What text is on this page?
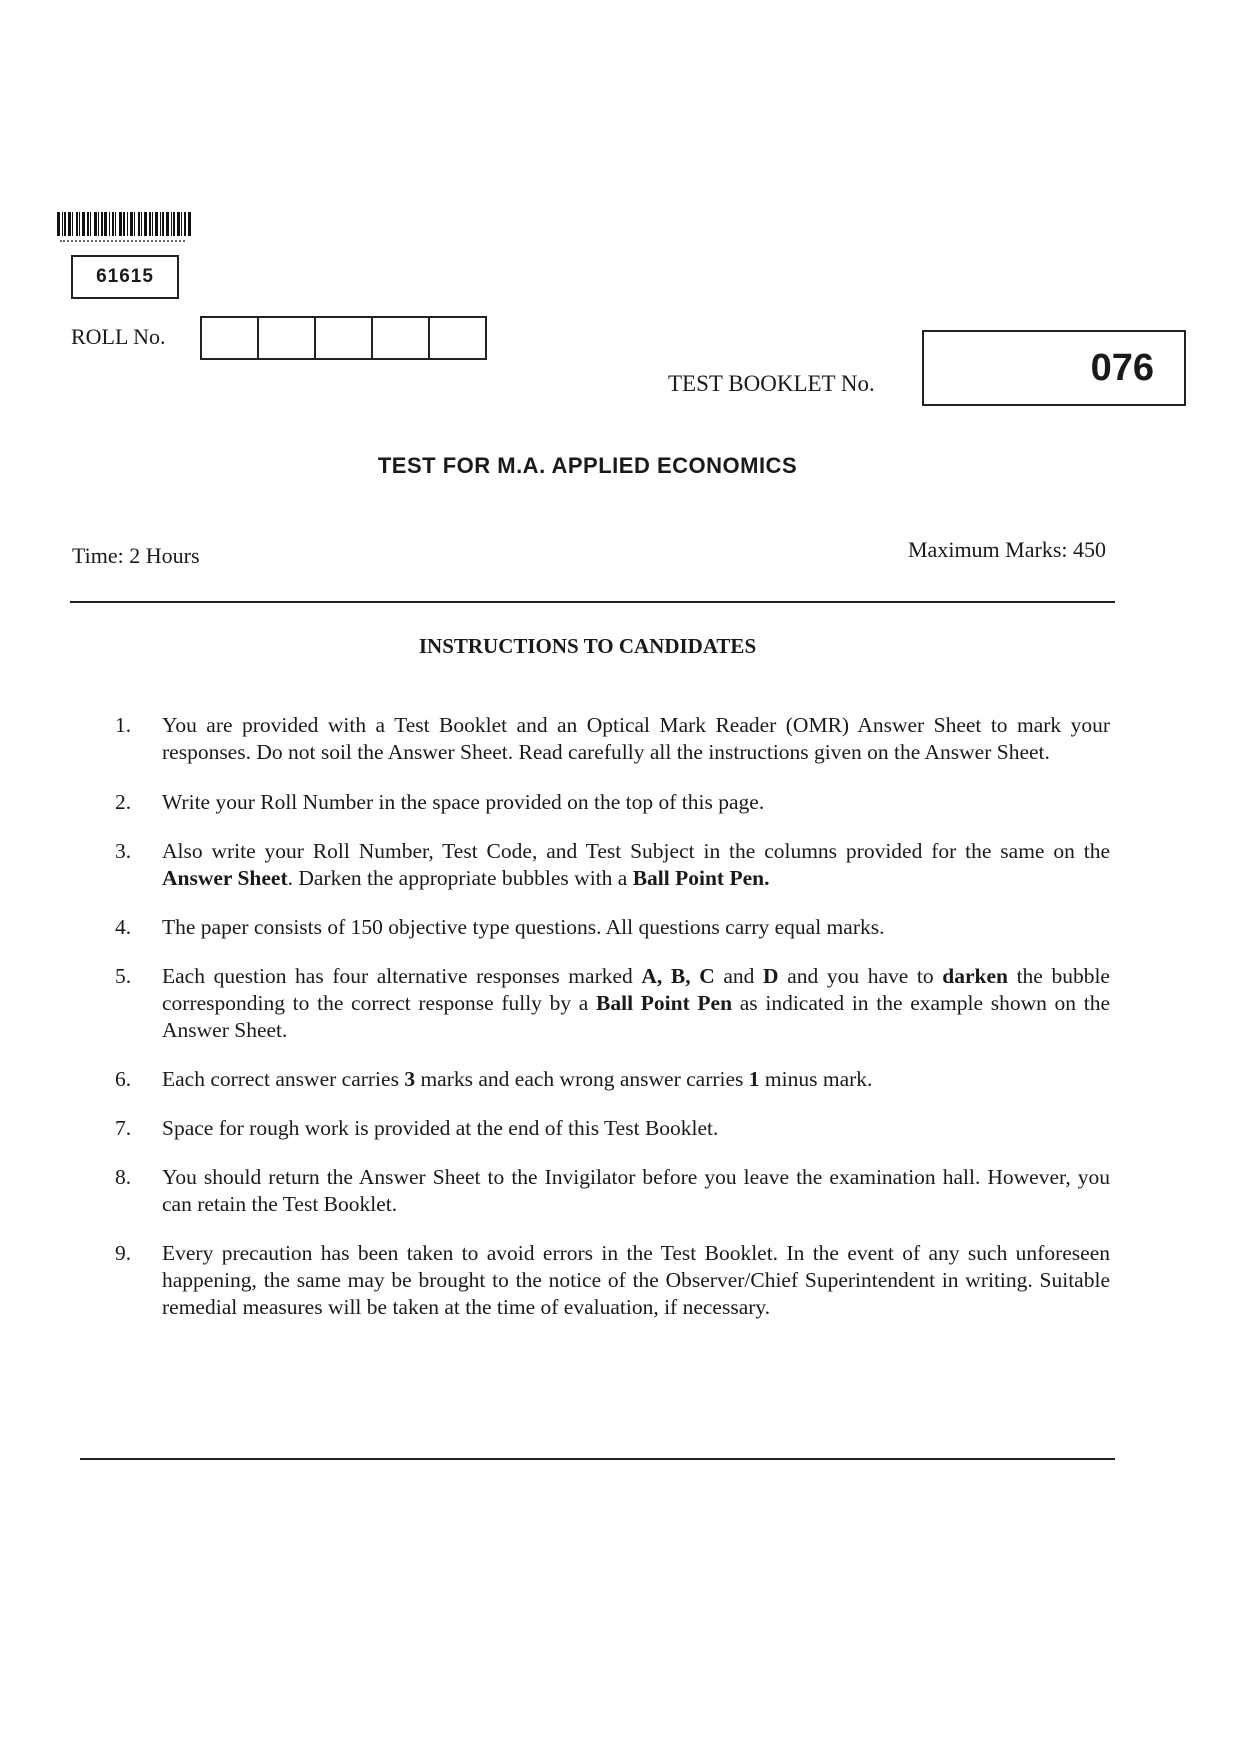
61615
ROLL No.
TEST BOOKLET No.	076
TEST FOR M.A. APPLIED ECONOMICS
Time: 2 Hours	Maximum Marks: 450
INSTRUCTIONS TO CANDIDATES
1.	You are provided with a Test Booklet and an Optical Mark Reader (OMR) Answer Sheet to mark your responses. Do not soil the Answer Sheet. Read carefully all the instructions given on the Answer Sheet.
2.	Write your Roll Number in the space provided on the top of this page.
3.	Also write your Roll Number, Test Code, and Test Subject in the columns provided for the same on the Answer Sheet. Darken the appropriate bubbles with a Ball Point Pen.
4.	The paper consists of 150 objective type questions. All questions carry equal marks.
5.	Each question has four alternative responses marked A, B, C and D and you have to darken the bubble corresponding to the correct response fully by a Ball Point Pen as indicated in the example shown on the Answer Sheet.
6.	Each correct answer carries 3 marks and each wrong answer carries 1 minus mark.
7.	Space for rough work is provided at the end of this Test Booklet.
8.	You should return the Answer Sheet to the Invigilator before you leave the examination hall. However, you can retain the Test Booklet.
9.	Every precaution has been taken to avoid errors in the Test Booklet. In the event of any such unforeseen happening, the same may be brought to the notice of the Observer/Chief Superintendent in writing. Suitable remedial measures will be taken at the time of evaluation, if necessary.
